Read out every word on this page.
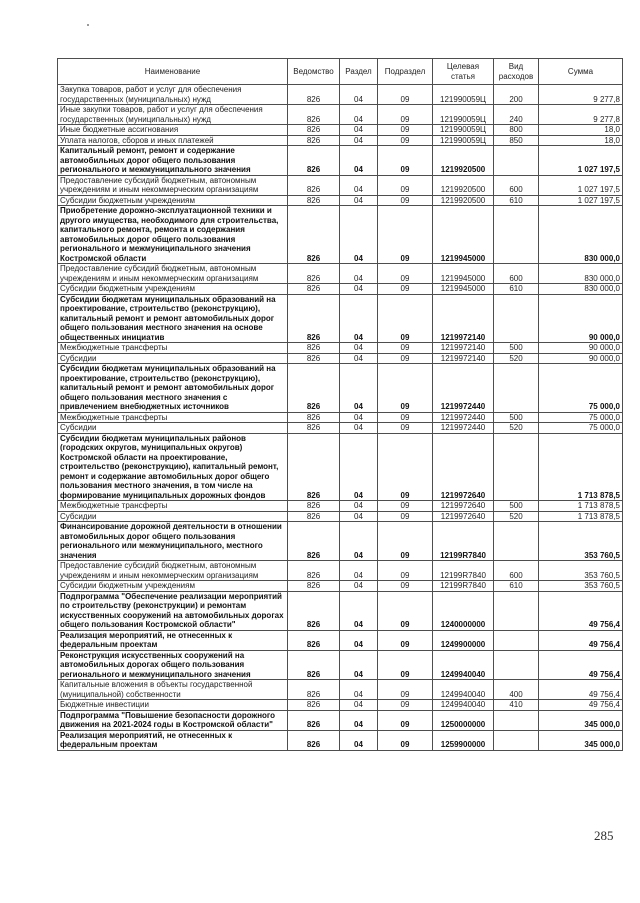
Наименование	Ведомство	Раздел	Подраздел	Целевая статья	Вид расходов	Сумма
Закупка товаров, работ и услуг для обеспечения государственных (муниципальных) нужд	826	04	09	121990059Ц	200	9 277,8
Иные закупки товаров, работ и услуг для обеспечения государственных (муниципальных) нужд	826	04	09	121990059Ц	240	9 277,8
Иные бюджетные ассигнования	826	04	09	121990059Ц	800	18,0
Уплата налогов, сборов и иных платежей	826	04	09	121990059Ц	850	18,0
Капитальный ремонт, ремонт и содержание автомобильных дорог общего пользования регионального и межмуниципального значения	826	04	09	1219920500		1 027 197,5
Предоставление субсидий бюджетным, автономным учреждениям и иным некоммерческим организациям	826	04	09	1219920500	600	1 027 197,5
Субсидии бюджетным учреждениям	826	04	09	1219920500	610	1 027 197,5
Приобретение дорожно-эксплуатационной техники и другого имущества, необходимого для строительства, капитального ремонта, ремонта и содержания автомобильных дорог общего пользования регионального и межмуниципального значения Костромской области	826	04	09	1219945000		830 000,0
Предоставление субсидий бюджетным, автономным учреждениям и иным некоммерческим организациям	826	04	09	1219945000	600	830 000,0
Субсидии бюджетным учреждениям	826	04	09	1219945000	610	830 000,0
Субсидии бюджетам муниципальных образований на проектирование, строительство (реконструкцию), капитальный ремонт и ремонт автомобильных дорог общего пользования местного значения на основе общественных инициатив	826	04	09	1219972140		90 000,0
Межбюджетные трансферты	826	04	09	1219972140	500	90 000,0
Субсидии	826	04	09	1219972140	520	90 000,0
Субсидии бюджетам муниципальных образований на проектирование, строительство (реконструкцию), капитальный ремонт и ремонт автомобильных дорог общего пользования местного значения с привлечением внебюджетных источников	826	04	09	1219972440		75 000,0
Межбюджетные трансферты	826	04	09	1219972440	500	75 000,0
Субсидии	826	04	09	1219972440	520	75 000,0
Субсидии бюджетам муниципальных районов (городских округов, муниципальных округов) Костромской области на проектирование, строительство (реконструкцию), капитальный ремонт, ремонт и содержание автомобильных дорог общего пользования местного значения, в том числе на формирование муниципальных дорожных фондов	826	04	09	1219972640		1 713 878,5
Межбюджетные трансферты	826	04	09	1219972640	500	1 713 878,5
Субсидии	826	04	09	1219972640	520	1 713 878,5
Финансирование дорожной деятельности в отношении автомобильных дорог общего пользования регионального или межмуниципального, местного значения	826	04	09	12199R7840		353 760,5
Предоставление субсидий бюджетным, автономным учреждениям и иным некоммерческим организациям	826	04	09	12199R7840	600	353 760,5
Субсидии бюджетным учреждениям	826	04	09	12199R7840	610	353 760,5
Подпрограмма "Обеспечение реализации мероприятий по строительству (реконструкции) и ремонтам искусственных сооружений на автомобильных дорогах общего пользования Костромской области"	826	04	09	1240000000		49 756,4
Реализация мероприятий, не отнесенных к федеральным проектам	826	04	09	1249900000		49 756,4
Реконструкция искусственных сооружений на автомобильных дорогах общего пользования регионального и межмуниципального значения	826	04	09	1249940040		49 756,4
Капитальные вложения в объекты государственной (муниципальной) собственности	826	04	09	1249940040	400	49 756,4
Бюджетные инвестиции	826	04	09	1249940040	410	49 756,4
Подпрограмма "Повышение безопасности дорожного движения на 2021-2024 годы в Костромской области"	826	04	09	1250000000		345 000,0
Реализация мероприятий, не отнесенных к федеральным проектам	826	04	09	1259900000		345 000,0
285
